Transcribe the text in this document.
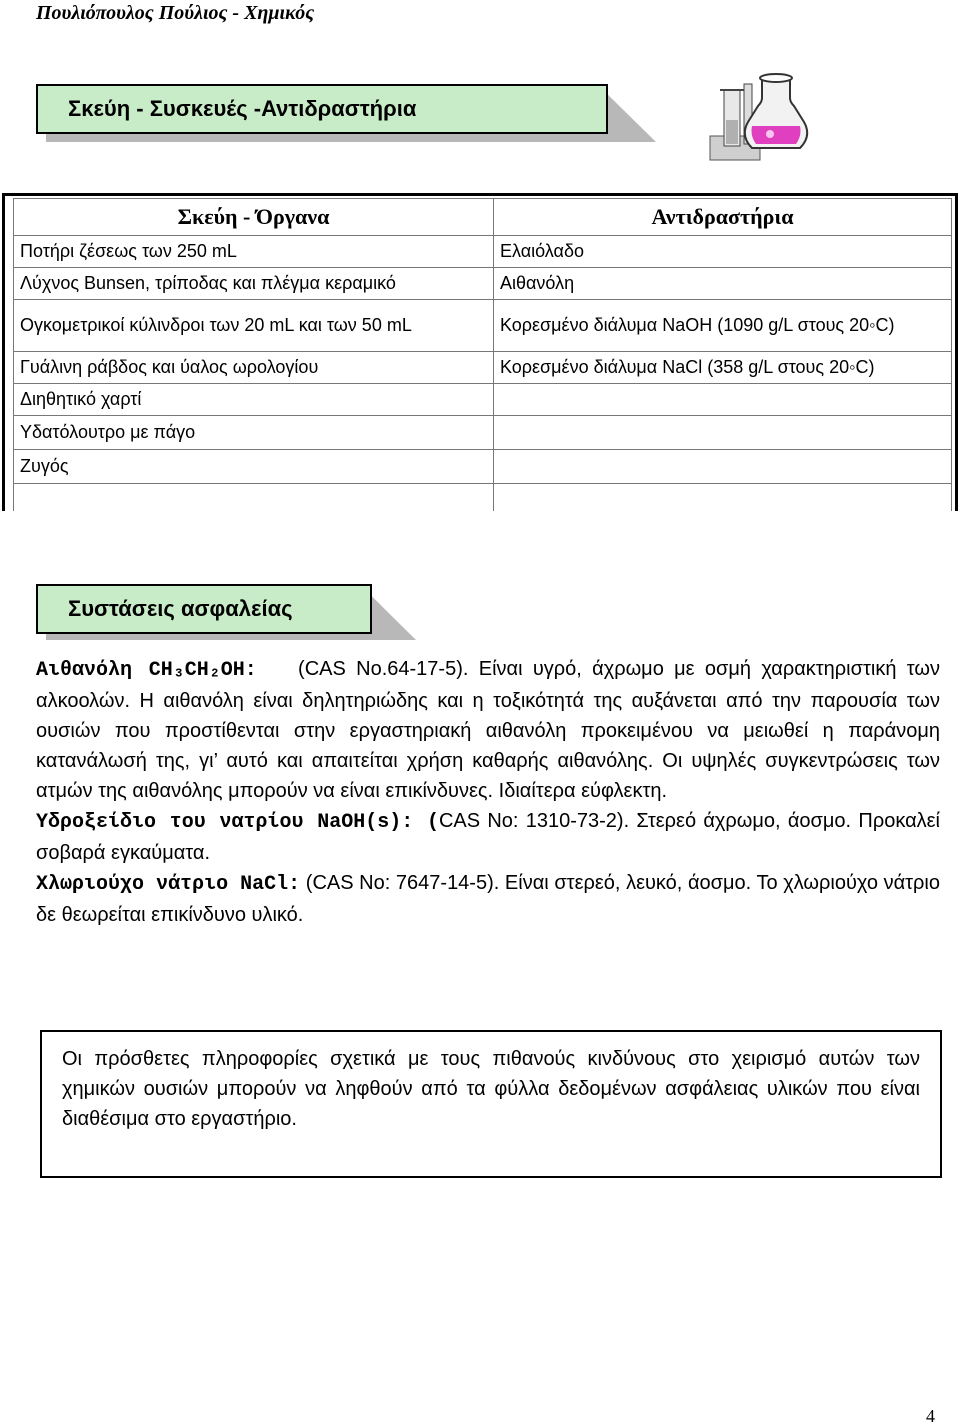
Πουλιόπουλος Πούλιος - Χημικός
Σκεύη - Συσκευές -Αντιδραστήρια
Σκεύη - Όργανα	Αντιδραστήρια
Ποτήρι ζέσεως των 250 mL	Ελαιόλαδο
Λύχνος Bunsen, τρίποδας και πλέγμα κεραμικό	Αιθανόλη
Ογκομετρικοί κύλινδροι των 20 mL και των 50 mL	Κορεσμένο διάλυμα NaOH (1090 g/L στους 20◦C)
Γυάλινη ράβδος και ύαλος ωρολογίου	Κορεσμένο διάλυμα NaCl (358 g/L στους 20◦C)
Διηθητικό χαρτί	
Υδατόλουτρο με πάγο	
Ζυγός	

Συστάσεις ασφαλείας

Αιθανόλη CH₃CH₂OH: (CAS No.64-17-5). Είναι υγρό, άχρωμο με οσμή χαρακτηριστική των αλκοολών. Η αιθανόλη είναι δηλητηριώδης και η τοξικότητά της αυξάνεται από την παρουσία των ουσιών που προστίθενται στην εργαστηριακή αιθανόλη προκειμένου να μειωθεί η παράνομη κατανάλωσή της, γι’ αυτό και απαιτείται χρήση καθαρής αιθανόλης. Οι υψηλές συγκεντρώσεις των ατμών της αιθανόλης μπορούν να είναι επικίνδυνες. Ιδιαίτερα εύφλεκτη.

Υδροξείδιο του νατρίου NaOH(s): (CAS No: 1310-73-2). Στερεό άχρωμο, άοσμο. Προκαλεί σοβαρά εγκαύματα.

Χλωριούχο νάτριο NaCl: (CAS No: 7647-14-5). Είναι στερεό, λευκό, άοσμο. Το χλωριούχο νάτριο δε θεωρείται επικίνδυνο υλικό.

Οι πρόσθετες πληροφορίες σχετικά με τους πιθανούς κινδύνους στο χειρισμό αυτών των χημικών ουσιών μπορούν να ληφθούν από τα φύλλα δεδομένων ασφάλειας υλικών που είναι διαθέσιμα στο εργαστήριο.
4
